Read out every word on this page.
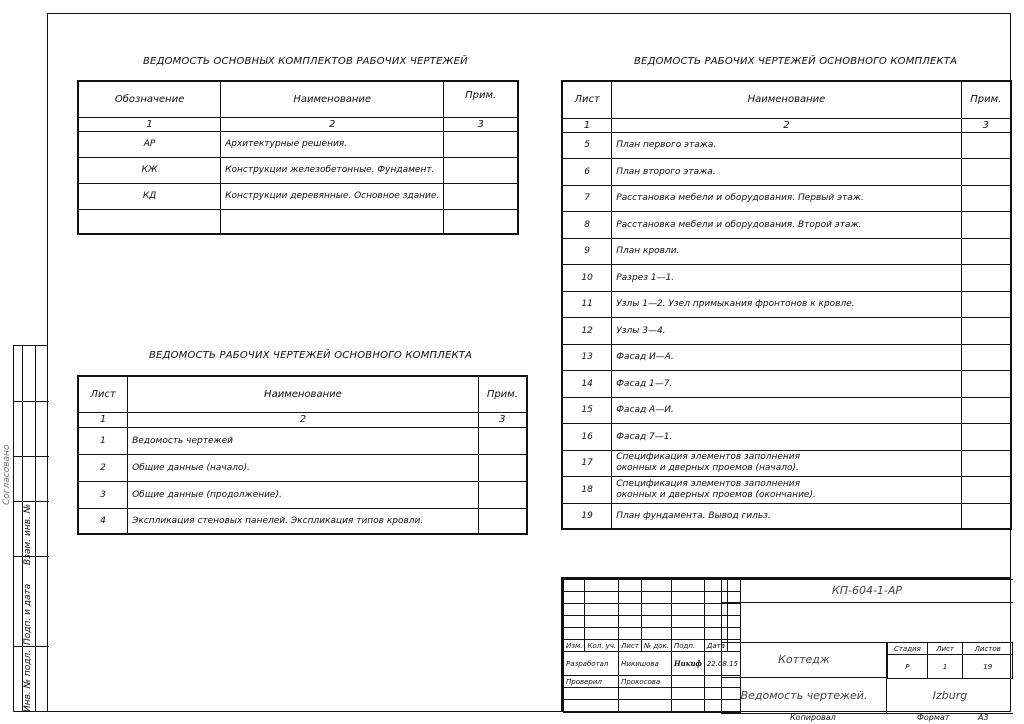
Согласовано
Взам. инв. №
Подп. и дата
Инв. № подл.
ВЕДОМОСТЬ ОСНОВНЫХ КОМПЛЕКТОВ РАБОЧИХ ЧЕРТЕЖЕЙ
Обозначение	Наименование	Прим.
1	2	3
АР	Архитектурные решения.	
КЖ	Конструкции железобетонные. Фундамент.	
КД	Конструкции деревянные. Основное здание.	

ВЕДОМОСТЬ РАБОЧИХ ЧЕРТЕЖЕЙ ОСНОВНОГО КОМПЛЕКТА
Лист	Наименование	Прим.
1	2	3
1	Ведомость чертежей	
2	Общие данные (начало).	
3	Общие данные (продолжение).	
4	Экспликация стеновых панелей. Экспликация типов кровли.	
ВЕДОМОСТЬ РАБОЧИХ ЧЕРТЕЖЕЙ ОСНОВНОГО КОМПЛЕКТА
Лист	Наименование	Прим.
1	2	3
5	План первого этажа.	
6	План второго этажа.	
7	Расстановка мебели и оборудования. Первый этаж.	
8	Расстановка мебели и оборудования. Второй этаж.	
9	План кровли.	
10	Разрез 1—1.	
11	Узлы 1—2. Узел примыкания фронтонов к кровле.	
12	Узлы 3—4.	
13	Фасад И—А.	
14	Фасад 1—7.	
15	Фасад А—И.	
16	Фасад 7—1.	
17	Спецификация элементов заполнения оконных и дверных проемов (начало).	
18	Спецификация элементов заполнения оконных и дверных проемов (окончание).	
19	План фундамента. Вывод гильз.	

Изм.	Кол. уч.	Лист	№ док.	Подп.	Дата	
Разработал		Никишова		Никиф	22.08.15	
Проверил		Прокосова				

КП-604-1-АР
Коттедж
Стадия	Лист	Листов
Р	1	19
Ведомость чертежей.	Izburg
Копировал	Формат	А3
